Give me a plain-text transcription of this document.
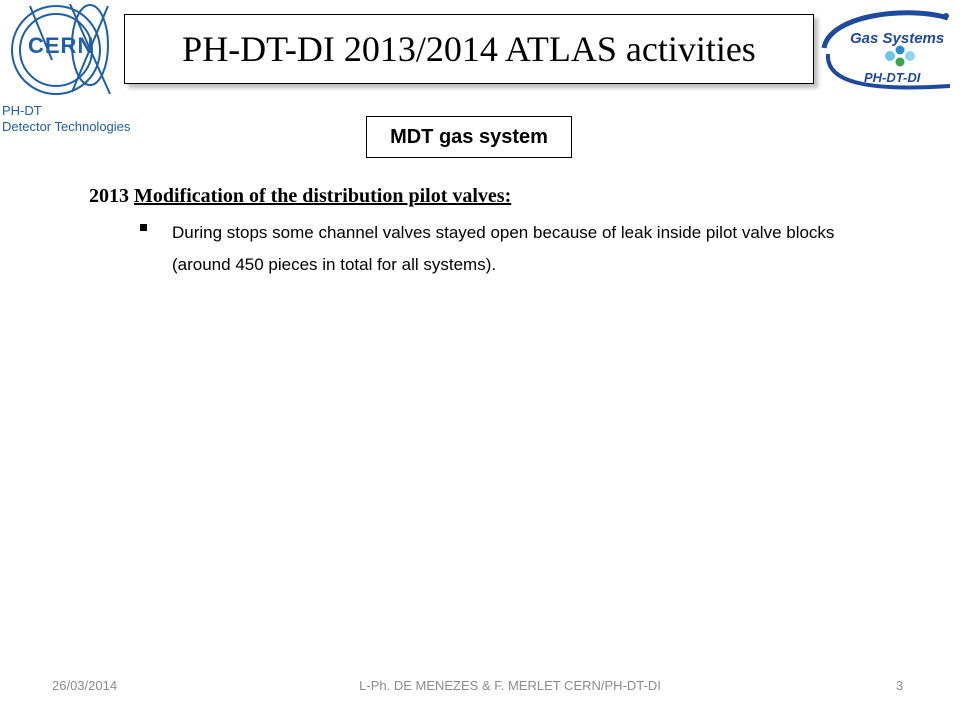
CERN
PH-DT
Detector Technologies
PH-DT-DI 2013/2014 ATLAS activities	Gas Systems
PH-DT-DI
MDT gas system
2013 Modification of the distribution pilot valves:
During stops some channel valves stayed open because of leak inside pilot valve blocks (around 450 pieces in total for all systems).
26/03/2014	L-Ph. DE MENEZES & F. MERLET CERN/PH-DT-DI	3
